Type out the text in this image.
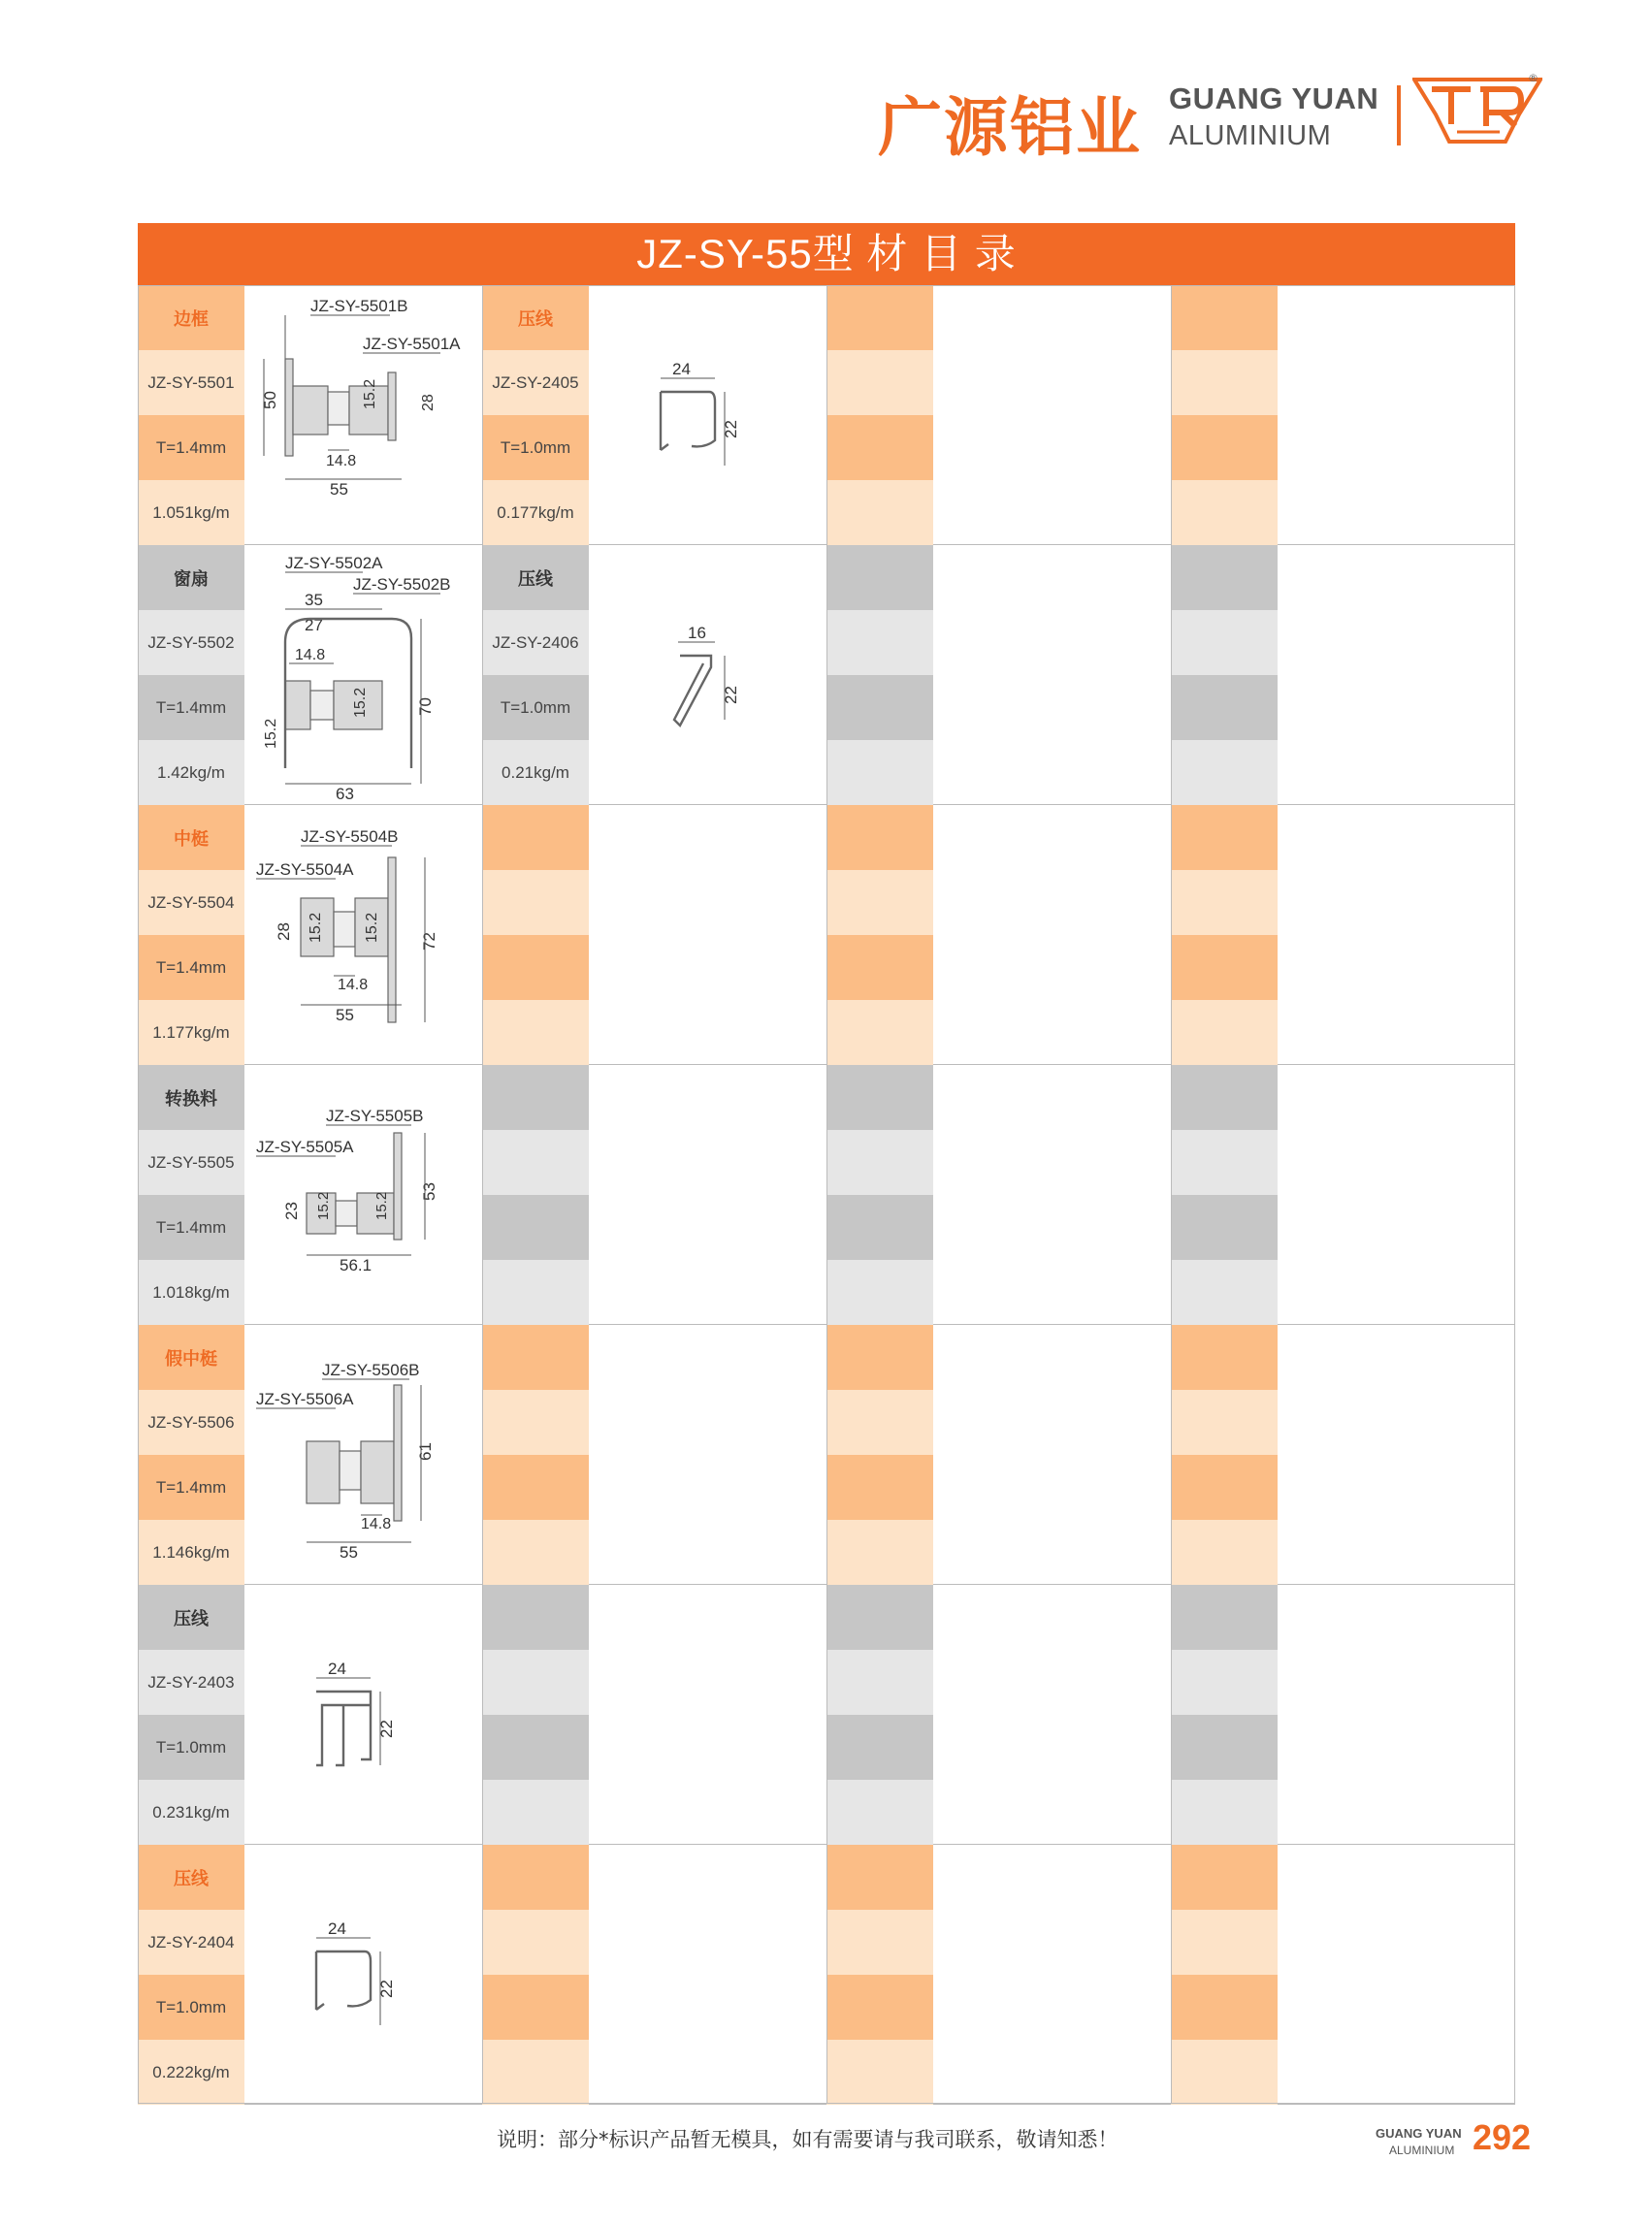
广源铝业 GUANG YUAN
ALUMINIUM
®
JZ-SY-55型 材 目 录
边框
JZ-SY-5501
T=1.4mm
1.051kg/m
JZ-SY-5501B
JZ-SY-5501A
50	15.2	28
14.8
55
窗扇
JZ-SY-5502
T=1.4mm
1.42kg/m
JZ-SY-5502A
JZ-SY-5502B
35
27
14.8
15.2	70
15.2
63
中梃
JZ-SY-5504
T=1.4mm
1.177kg/m
JZ-SY-5504B
JZ-SY-5504A
28 15.2	15.2 72
14.8
55
转换料
JZ-SY-5505
T=1.4mm
1.018kg/m
JZ-SY-5505B
JZ-SY-5505A
23 15.2	15.2
53
56.1
假中梃
JZ-SY-5506
T=1.4mm
1.146kg/m
JZ-SY-5506B
JZ-SY-5506A
61
14.8
55
压线
JZ-SY-2403
T=1.0mm
0.231kg/m
24
22
压线
JZ-SY-2404
T=1.0mm
0.222kg/m
24
22
压线
JZ-SY-2405
T=1.0mm
0.177kg/m
24
22
压线
JZ-SY-2406
T=1.0mm
0.21kg/m
16
22
说明：部分*标识产品暂无模具，如有需要请与我司联系，敬请知悉！	GUANG YUAN
ALUMINIUM 292
